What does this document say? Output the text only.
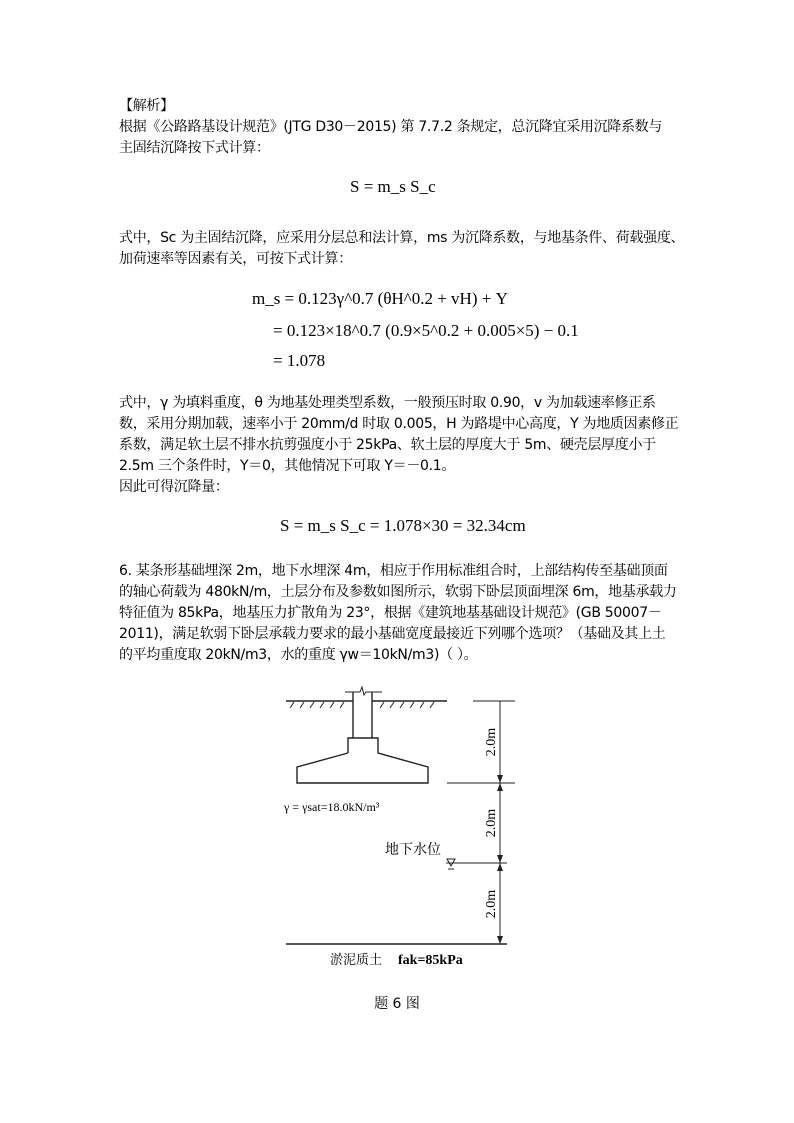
【解析】
根据《公路路基设计规范》(JTG D30－2015) 第 7.7.2 条规定，总沉降宜采用沉降系数与
主固结沉降按下式计算：
S = m_s S_c
式中，Sc 为主固结沉降，应采用分层总和法计算，ms 为沉降系数，与地基条件、荷载强度、
加荷速率等因素有关，可按下式计算：
m_s = 0.123γ^0.7 (θH^0.2 + vH) + Y
= 0.123×18^0.7 (0.9×5^0.2 + 0.005×5) − 0.1
= 1.078
式中，γ 为填料重度，θ 为地基处理类型系数，一般预压时取 0.90，v 为加载速率修正系
数，采用分期加载，速率小于 20mm/d 时取 0.005，H 为路堤中心高度，Y 为地质因素修正
系数，满足软土层不排水抗剪强度小于 25kPa、软土层的厚度大于 5m、硬壳层厚度小于
2.5m 三个条件时，Y＝0，其他情况下可取 Y＝－0.1。
因此可得沉降量：
S = m_s S_c = 1.078×30 = 32.34cm
6. 某条形基础埋深 2m，地下水埋深 4m，相应于作用标准组合时，上部结构传至基础顶面
的轴心荷载为 480kN/m，土层分布及参数如图所示，软弱下卧层顶面埋深 6m，地基承载力
特征值为 85kPa，地基压力扩散角为 23°，根据《建筑地基基础设计规范》(GB 50007－
2011)，满足软弱下卧层承载力要求的最小基础宽度最接近下列哪个选项？（基础及其上土
的平均重度取 20kN/m3，水的重度 γw＝10kN/m3)（ ）。
2.0m
2.0m
2.0m
γ = γsat=18.0kN/m³
地下水位
淤泥质土 fak=85kPa
题 6 图
